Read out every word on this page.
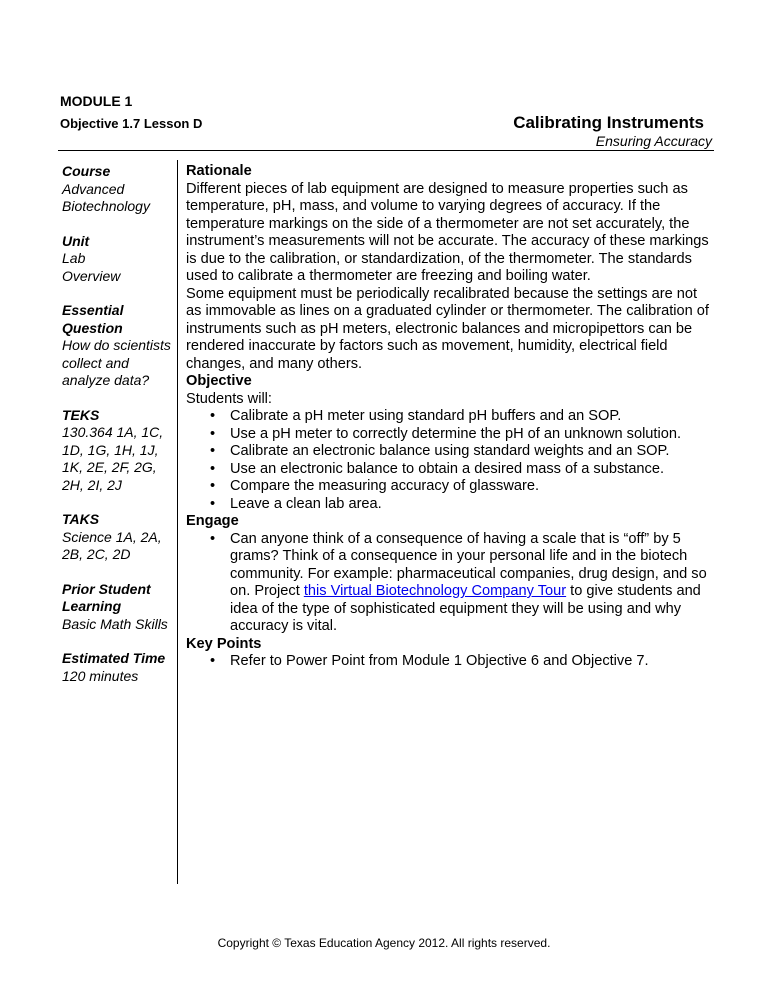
MODULE 1
Objective 1.7 Lesson D	Calibrating Instruments
Ensuring Accuracy
Course
Advanced Biotechnology
Unit
Lab
Overview
Essential Question
How do scientists collect and analyze data?
TEKS
130.364 1A, 1C, 1D, 1G, 1H, 1J, 1K, 2E, 2F, 2G, 2H, 2I, 2J
TAKS
Science 1A, 2A, 2B, 2C, 2D
Prior Student Learning
Basic Math Skills
Estimated Time
120 minutes
Rationale

Different pieces of lab equipment are designed to measure properties such as temperature, pH, mass, and volume to varying degrees of accuracy. If the temperature markings on the side of a thermometer are not set accurately, the instrument’s measurements will not be accurate. The accuracy of these markings is due to the calibration, or standardization, of the thermometer. The standards used to calibrate a thermometer are freezing and boiling water.

Some equipment must be periodically recalibrated because the settings are not as immovable as lines on a graduated cylinder or thermometer. The calibration of instruments such as pH meters, electronic balances and micropipettors can be rendered inaccurate by factors such as movement, humidity, electrical field changes, and many others.

Objective

Students will:

• Calibrate a pH meter using standard pH buffers and an SOP.
• Use a pH meter to correctly determine the pH of an unknown solution.
• Calibrate an electronic balance using standard weights and an SOP.
• Use an electronic balance to obtain a desired mass of a substance.
• Compare the measuring accuracy of glassware.
• Leave a clean lab area.
Engage
• Can anyone think of a consequence of having a scale that is “off” by 5 grams? Think of a consequence in your personal life and in the biotech community. For example: pharmaceutical companies, drug design, and so on. Project this Virtual Biotechnology Company Tour to give students and idea of the type of sophisticated equipment they will be using and why accuracy is vital.
Key Points
• Refer to Power Point from Module 1 Objective 6 and Objective 7.
Copyright © Texas Education Agency 2012. All rights reserved.
